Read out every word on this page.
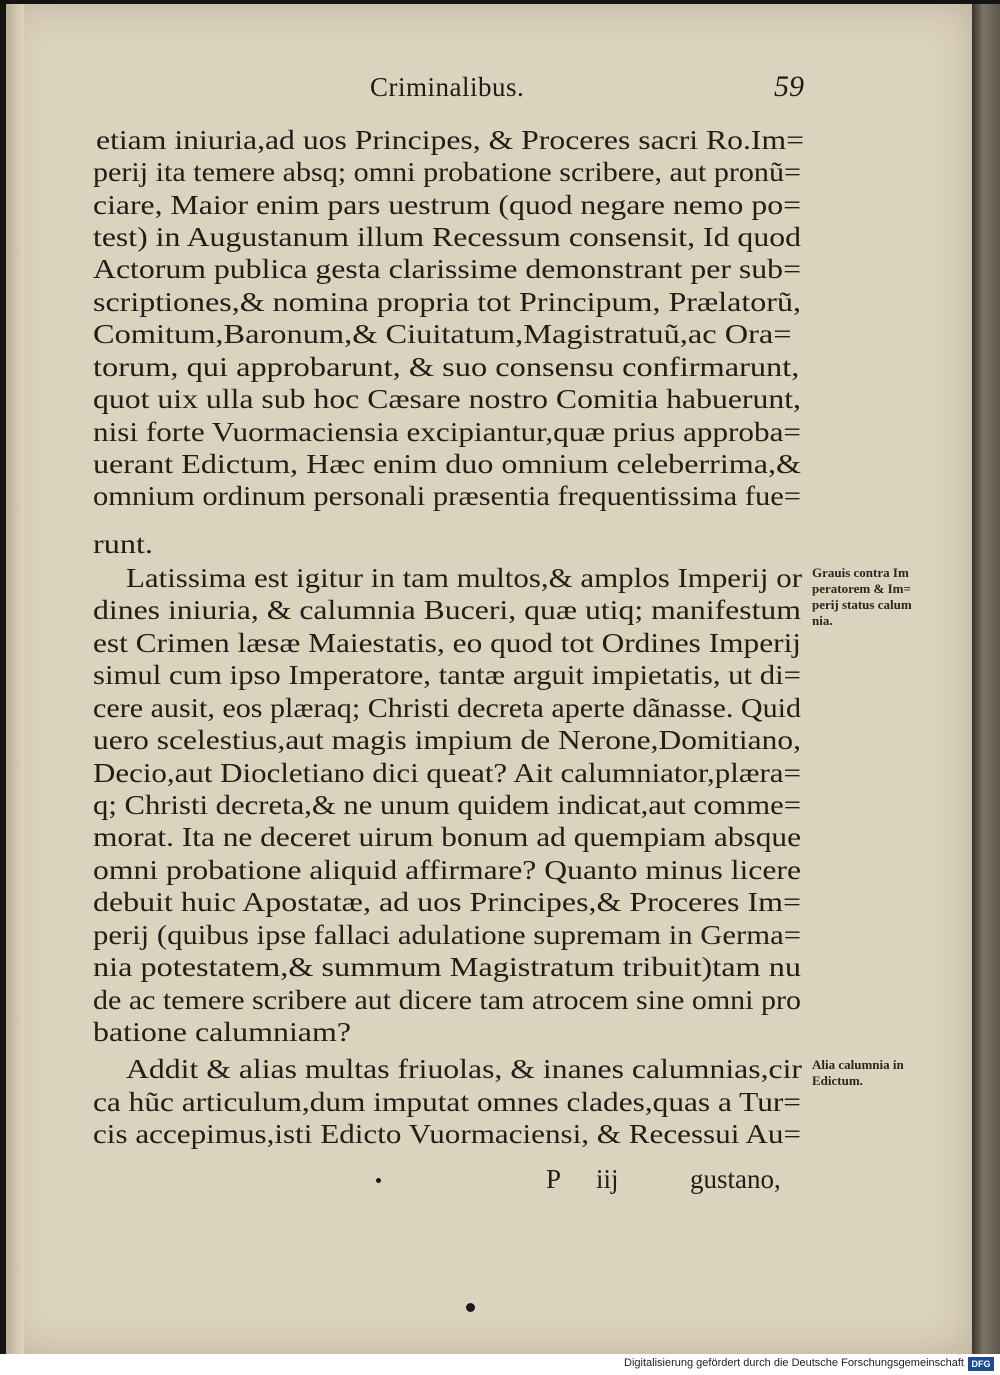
Criminalibus.	59
etiam iniuria,ad uos Principes, & Proceres sacri Ro.Im=
perij ita temere absq; omni probatione scribere, aut pronũ=
ciare, Maior enim pars uestrum (quod negare nemo po=
test) in Augustanum illum Recessum consensit, Id quod
Actorum publica gesta clarissime demonstrant per sub=
scriptiones,& nomina propria tot Principum, Prælatorũ,
Comitum,Baronum,& Ciuitatum,Magistratuũ,ac Ora=
torum, qui approbarunt, & suo consensu confirmarunt,
quot uix ulla sub hoc Cæsare nostro Comitia habuerunt,
nisi forte Vuormaciensia excipiantur,quæ prius approba=
uerant Edictum, Hæc enim duo omnium celeberrima,&
omnium ordinum personali præsentia frequentissima fue=
runt.
Latissima est igitur in tam multos,& amplos Imperij or
dines iniuria, & calumnia Buceri, quæ utiq; manifestum
est Crimen læsæ Maiestatis, eo quod tot Ordines Imperij
simul cum ipso Imperatore, tantæ arguit impietatis, ut di=
cere ausit, eos plæraq; Christi decreta aperte dãnasse. Quid
uero scelestius,aut magis impium de Nerone,Domitiano,
Decio,aut Diocletiano dici queat? Ait calumniator,plæra=
q; Christi decreta,& ne unum quidem indicat,aut comme=
morat. Ita ne deceret uirum bonum ad quempiam absque
omni probatione aliquid affirmare? Quanto minus licere
debuit huic Apostatæ, ad uos Principes,& Proceres Im=
perij (quibus ipse fallaci adulatione supremam in Germa=
nia potestatem,& summum Magistratum tribuit)tam nu
de ac temere scribere aut dicere tam atrocem sine omni pro
batione calumniam?
Addit & alias multas friuolas, & inanes calumnias,cir
ca hũc articulum,dum imputat omnes clades,quas a Tur=
cis accepimus,isti Edicto Vuormaciensi, & Recessui Au=
Grauis contra Im
peratorem & Im=
perij status calum
nia.
Alia calumnia in
Edictum.
P iij	gustano,
Digitalisierung gefördert durch die Deutsche Forschungsgemeinschaft DFG
